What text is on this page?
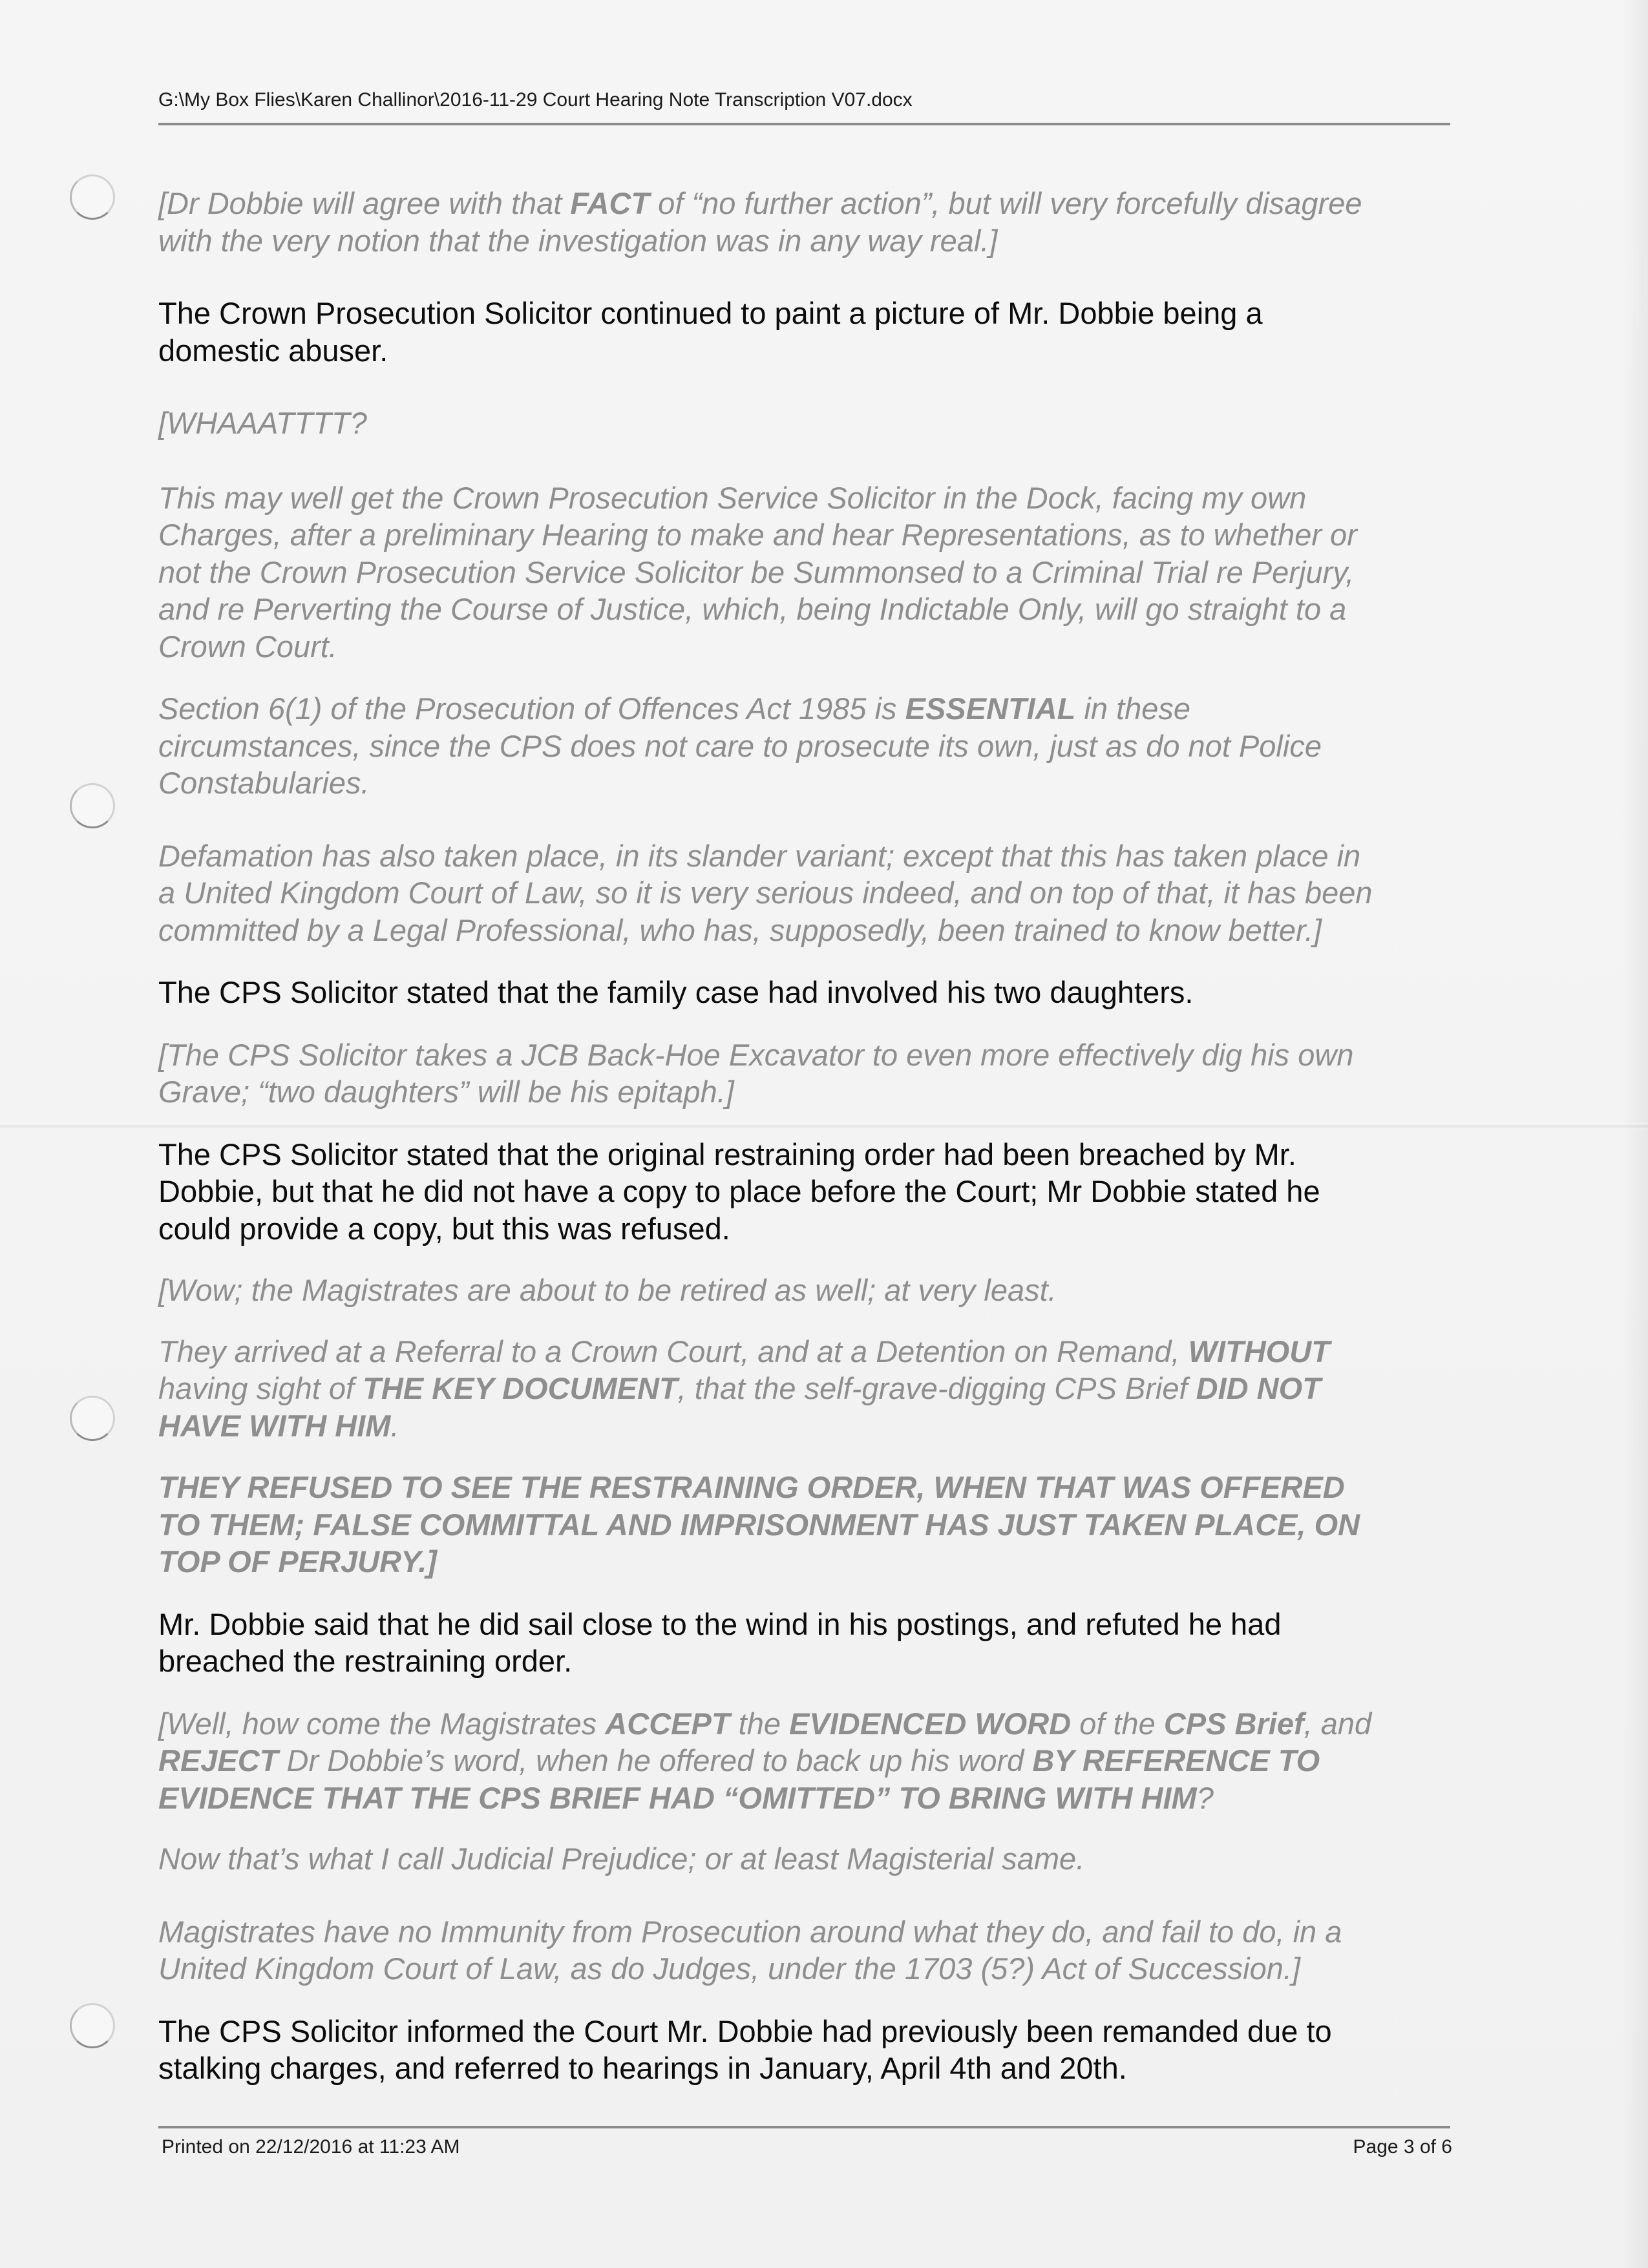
G:\My Box Flies\Karen Challinor\2016-11-29 Court Hearing Note Transcription V07.docx

[Dr Dobbie will agree with that FACT of “no further action”, but will very forcefully disagree
with the very notion that the investigation was in any way real.]

The Crown Prosecution Solicitor continued to paint a picture of Mr. Dobbie being a
domestic abuser.

[WHAAATTTT?

This may well get the Crown Prosecution Service Solicitor in the Dock, facing my own
Charges, after a preliminary Hearing to make and hear Representations, as to whether or
not the Crown Prosecution Service Solicitor be Summonsed to a Criminal Trial re Perjury,
and re Perverting the Course of Justice, which, being Indictable Only, will go straight to a
Crown Court.

Section 6(1) of the Prosecution of Offences Act 1985 is ESSENTIAL in these
circumstances, since the CPS does not care to prosecute its own, just as do not Police
Constabularies.

Defamation has also taken place, in its slander variant; except that this has taken place in
a United Kingdom Court of Law, so it is very serious indeed, and on top of that, it has been
committed by a Legal Professional, who has, supposedly, been trained to know better.]

The CPS Solicitor stated that the family case had involved his two daughters.

[The CPS Solicitor takes a JCB Back-Hoe Excavator to even more effectively dig his own
Grave; “two daughters” will be his epitaph.]

The CPS Solicitor stated that the original restraining order had been breached by Mr.
Dobbie, but that he did not have a copy to place before the Court; Mr Dobbie stated he
could provide a copy, but this was refused.

[Wow; the Magistrates are about to be retired as well; at very least.

They arrived at a Referral to a Crown Court, and at a Detention on Remand, WITHOUT
having sight of THE KEY DOCUMENT, that the self-grave-digging CPS Brief DID NOT
HAVE WITH HIM.

THEY REFUSED TO SEE THE RESTRAINING ORDER, WHEN THAT WAS OFFERED
TO THEM; FALSE COMMITTAL AND IMPRISONMENT HAS JUST TAKEN PLACE, ON
TOP OF PERJURY.]

Mr. Dobbie said that he did sail close to the wind in his postings, and refuted he had
breached the restraining order.

[Well, how come the Magistrates ACCEPT the EVIDENCED WORD of the CPS Brief, and
REJECT Dr Dobbie’s word, when he offered to back up his word BY REFERENCE TO
EVIDENCE THAT THE CPS BRIEF HAD “OMITTED” TO BRING WITH HIM?

Now that’s what I call Judicial Prejudice; or at least Magisterial same.

Magistrates have no Immunity from Prosecution around what they do, and fail to do, in a
United Kingdom Court of Law, as do Judges, under the 1703 (5?) Act of Succession.]

The CPS Solicitor informed the Court Mr. Dobbie had previously been remanded due to
stalking charges, and referred to hearings in January, April 4th and 20th.

Printed on 22/12/2016 at 11:23 AM	Page 3 of 6
